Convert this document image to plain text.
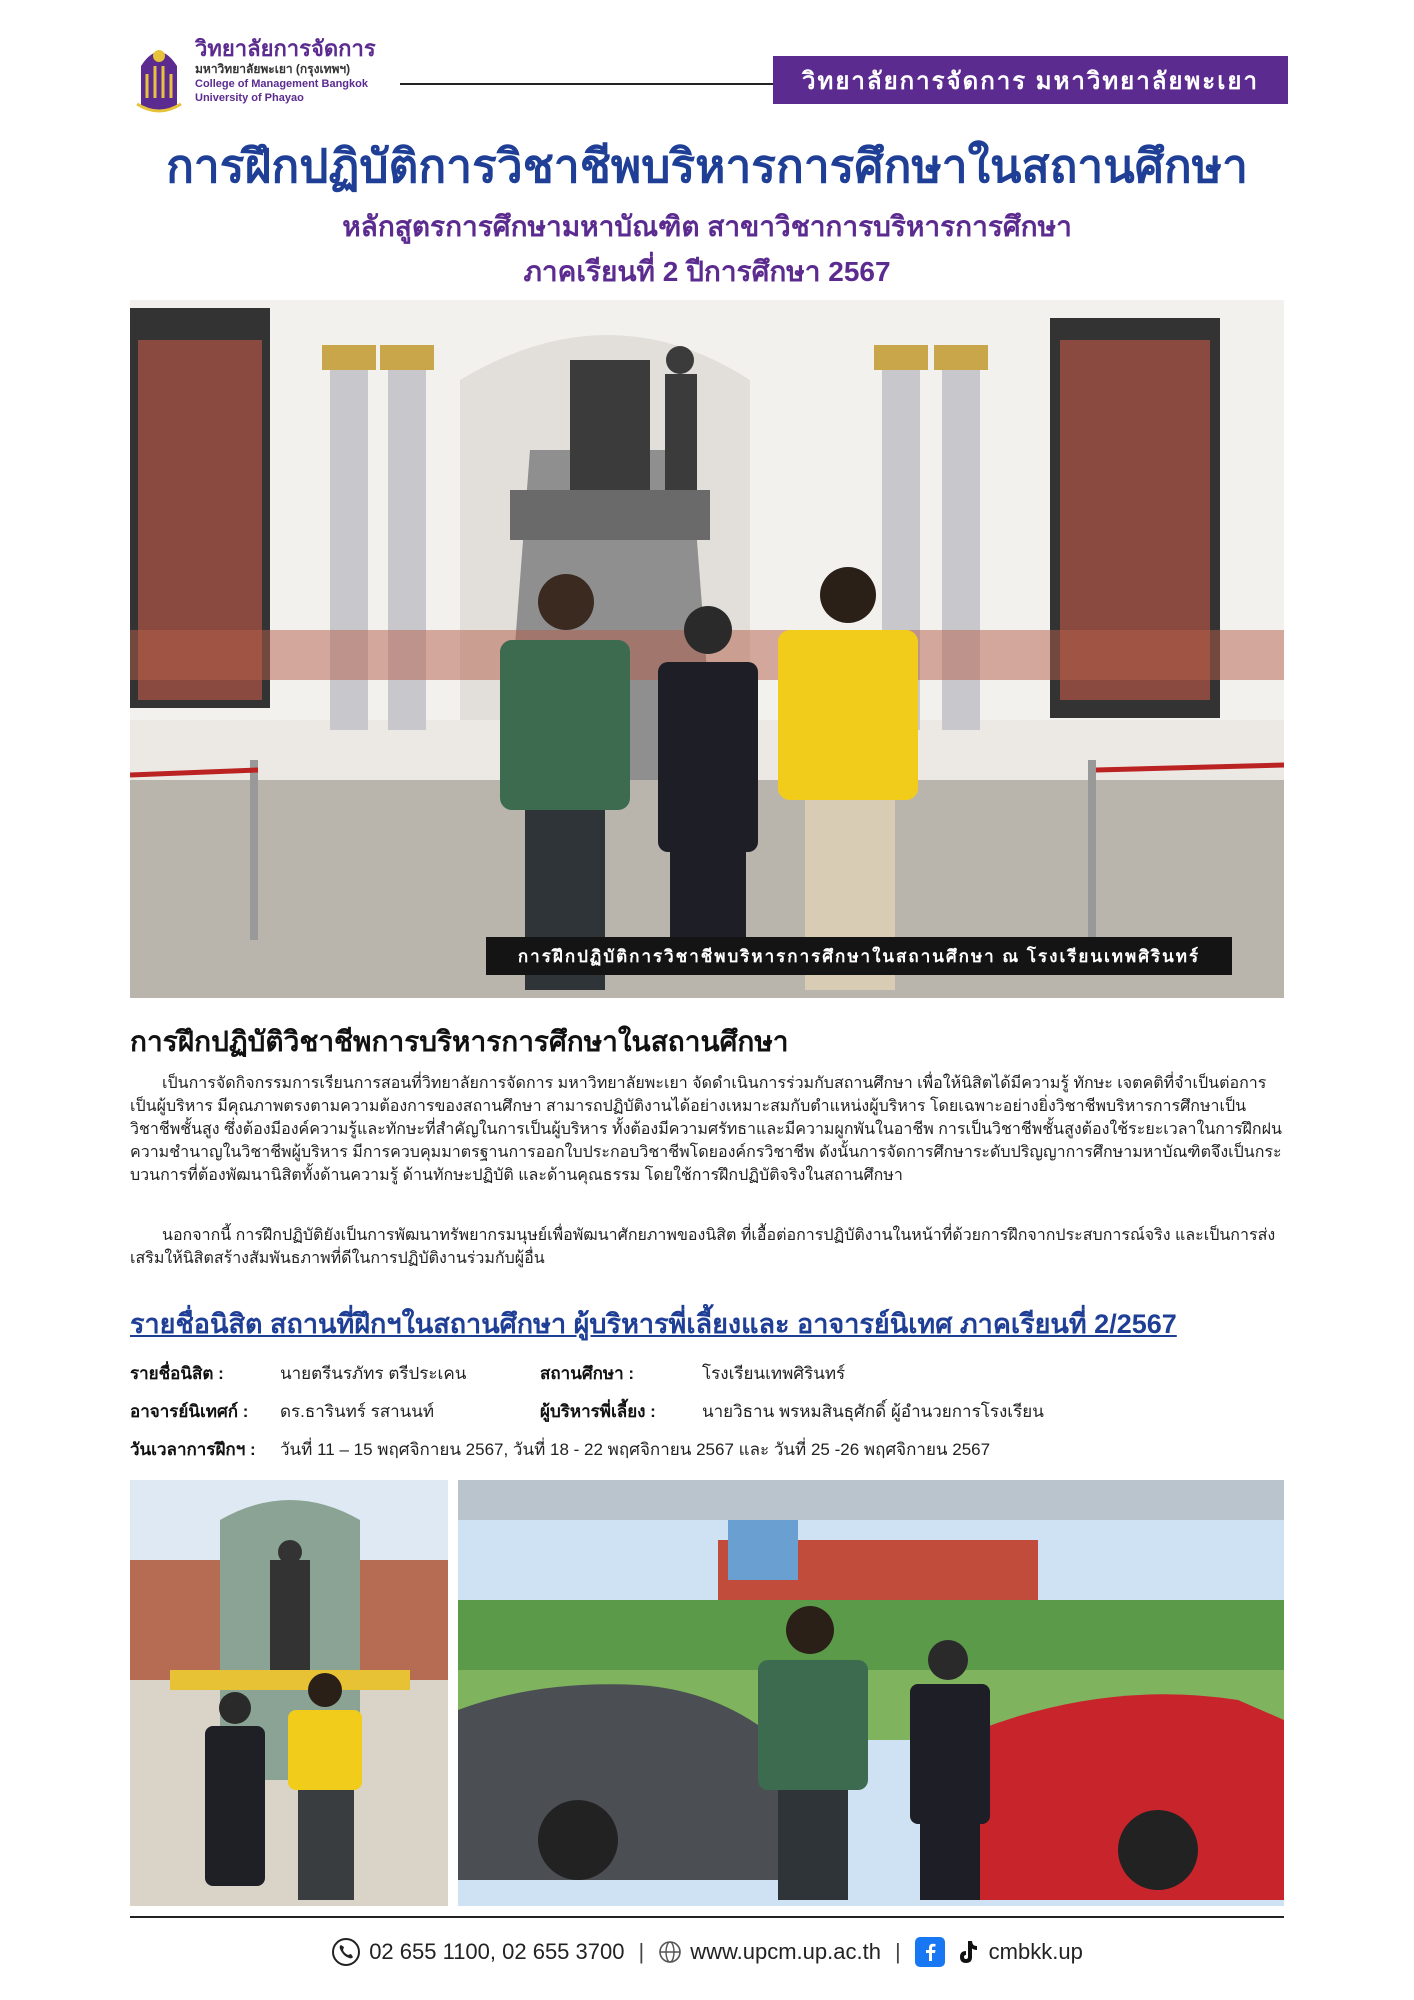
วิทยาลัยการจัดการ
มหาวิทยาลัยพะเยา (กรุงเทพฯ)
College of Management Bangkok
University of Phayao
วิทยาลัยการจัดการ มหาวิทยาลัยพะเยา
การฝึกปฏิบัติการวิชาชีพบริหารการศึกษาในสถานศึกษา
หลักสูตรการศึกษามหาบัณฑิต สาขาวิชาการบริหารการศึกษา
ภาคเรียนที่ 2 ปีการศึกษา 2567
การฝึกปฏิบัติการวิชาชีพบริหารการศึกษาในสถานศึกษา ณ โรงเรียนเทพศิรินทร์
การฝึกปฏิบัติวิชาชีพการบริหารการศึกษาในสถานศึกษา
เป็นการจัดกิจกรรมการเรียนการสอนที่วิทยาลัยการจัดการ มหาวิทยาลัยพะเยา จัดดำเนินการร่วมกับสถานศึกษา เพื่อให้นิสิตได้มีความรู้ ทักษะ เจตคติที่จำเป็นต่อการเป็นผู้บริหาร มีคุณภาพตรงตามความต้องการของสถานศึกษา สามารถปฏิบัติงานได้อย่างเหมาะสมกับตำแหน่งผู้บริหาร โดยเฉพาะอย่างยิ่งวิชาชีพบริหารการศึกษาเป็นวิชาชีพชั้นสูง ซึ่งต้องมีองค์ความรู้และทักษะที่สำคัญในการเป็นผู้บริหาร ทั้งต้องมีความศรัทธาและมีความผูกพันในอาชีพ การเป็นวิชาชีพชั้นสูงต้องใช้ระยะเวลาในการฝึกฝนความชำนาญในวิชาชีพผู้บริหาร มีการควบคุมมาตรฐานการออกใบประกอบวิชาชีพโดยองค์กรวิชาชีพ ดังนั้นการจัดการศึกษาระดับปริญญาการศึกษามหาบัณฑิตจึงเป็นกระบวนการที่ต้องพัฒนานิสิตทั้งด้านความรู้ ด้านทักษะปฏิบัติ และด้านคุณธรรม โดยใช้การฝึกปฏิบัติจริงในสถานศึกษา
นอกจากนี้ การฝึกปฏิบัติยังเป็นการพัฒนาทรัพยากรมนุษย์เพื่อพัฒนาศักยภาพของนิสิต ที่เอื้อต่อการปฏิบัติงานในหน้าที่ด้วยการฝึกจากประสบการณ์จริง และเป็นการส่งเสริมให้นิสิตสร้างสัมพันธภาพที่ดีในการปฏิบัติงานร่วมกับผู้อื่น
รายชื่อนิสิต สถานที่ฝึกฯในสถานศึกษา ผู้บริหารพี่เลี้ยงและ อาจารย์นิเทศ ภาคเรียนที่ 2/2567
รายชื่อนิสิต :	นายตรีนรภัทร ตรีประเคน	สถานศึกษา :	โรงเรียนเทพศิรินทร์
อาจารย์นิเทศก์ : ดร.ธารินทร์ รสานนท์	ผู้บริหารพี่เลี้ยง :	นายวิธาน พรหมสินธุศักดิ์ ผู้อำนวยการโรงเรียน
วันเวลาการฝึกฯ : วันที่ 11 – 15 พฤศจิกายน 2567, วันที่ 18 - 22 พฤศจิกายน 2567 และ วันที่ 25 -26 พฤศจิกายน 2567
02 655 1100, 02 655 3700 | www.upcm.up.ac.th |	cmbkk.up
